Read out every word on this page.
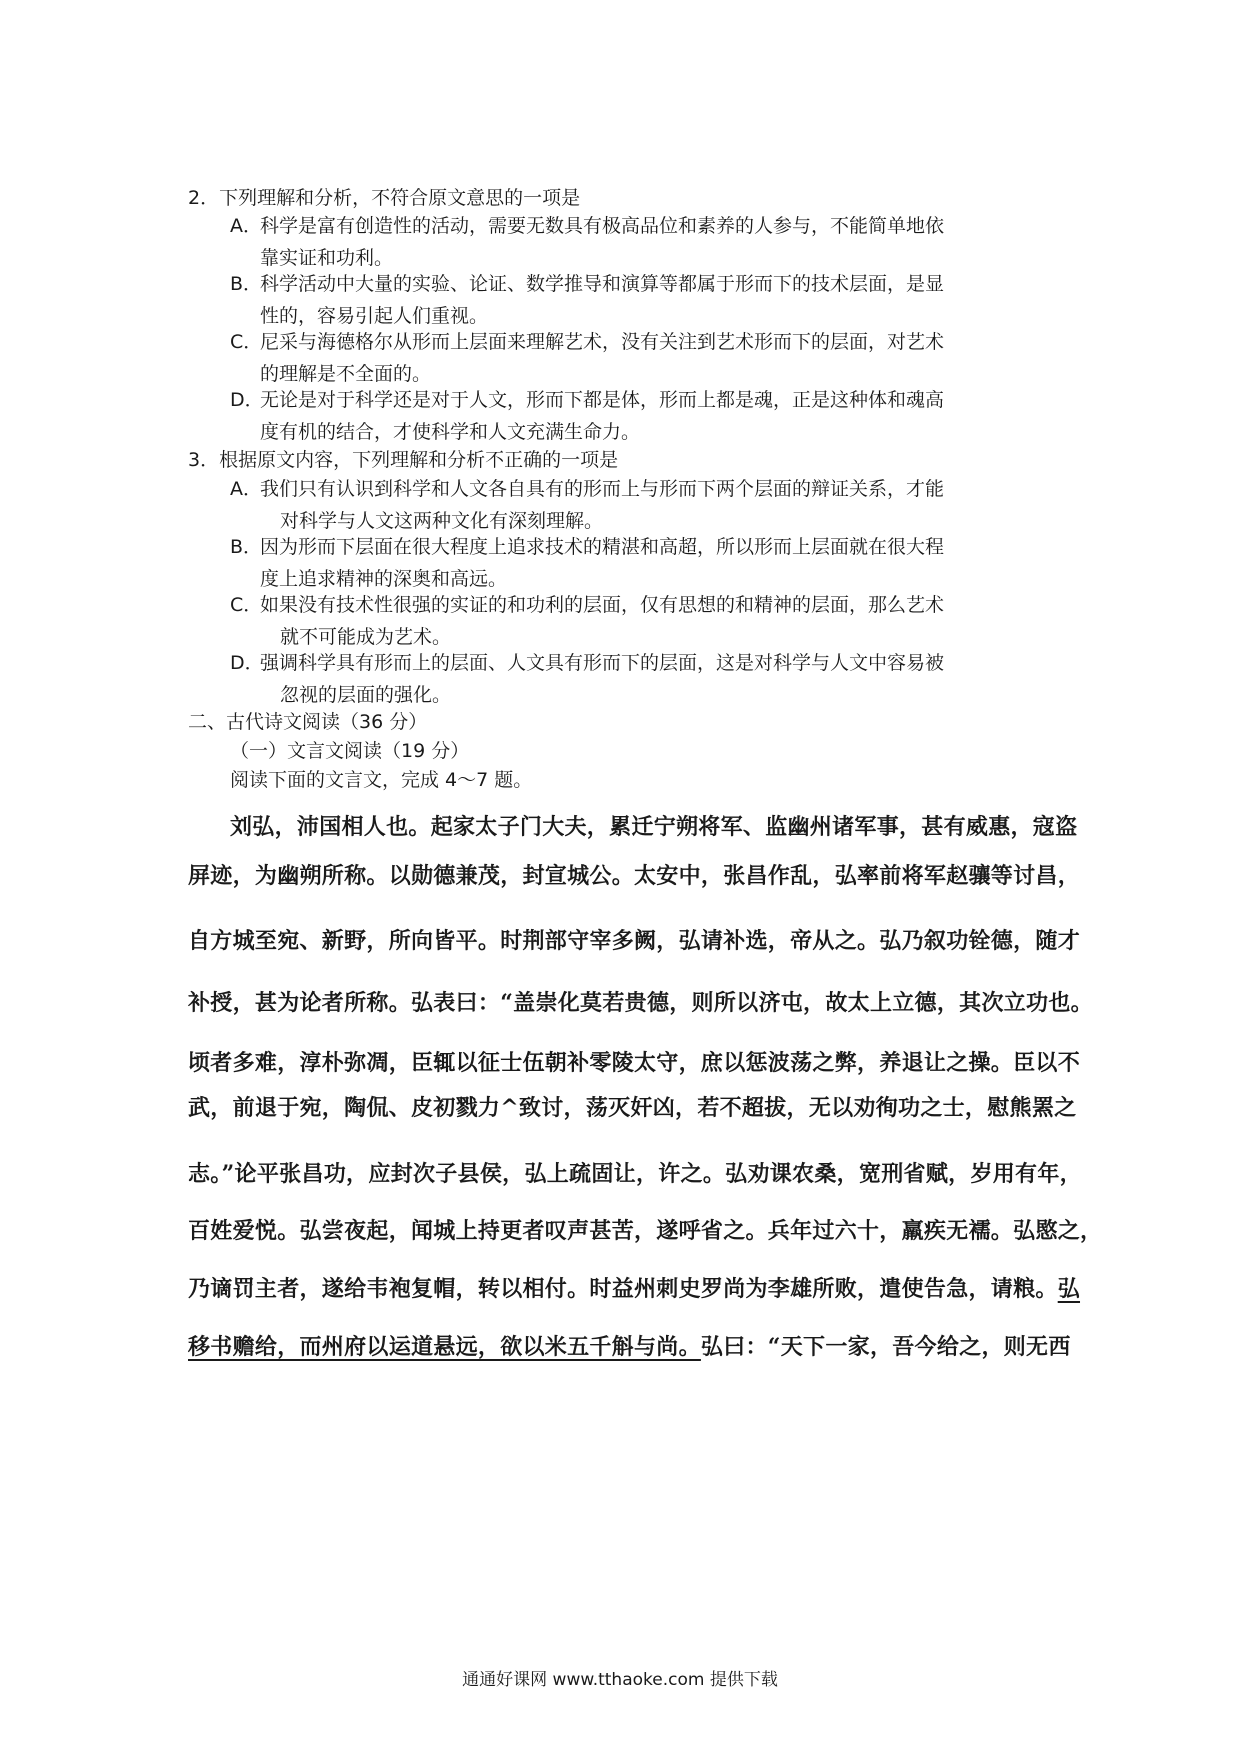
2．下列理解和分析，不符合原文意思的一项是
A．科学是富有创造性的活动，需要无数具有极高品位和素养的人参与，不能简单地依
靠实证和功利。
B．科学活动中大量的实验、论证、数学推导和演算等都属于形而下的技术层面，是显
性的，容易引起人们重视。
C．尼采与海德格尔从形而上层面来理解艺术，没有关注到艺术形而下的层面，对艺术
的理解是不全面的。
D．无论是对于科学还是对于人文，形而下都是体，形而上都是魂，正是这种体和魂高
度有机的结合，才使科学和人文充满生命力。
3．根据原文内容，下列理解和分析不正确的一项是
A．我们只有认识到科学和人文各自具有的形而上与形而下两个层面的辩证关系，才能
对科学与人文这两种文化有深刻理解。
B．因为形而下层面在很大程度上追求技术的精湛和高超，所以形而上层面就在很大程
度上追求精神的深奥和高远。
C．如果没有技术性很强的实证的和功利的层面，仅有思想的和精神的层面，那么艺术
就不可能成为艺术。
D．强调科学具有形而上的层面、人文具有形而下的层面，这是对科学与人文中容易被
忽视的层面的强化。
二、古代诗文阅读（36 分）
（一）文言文阅读（19 分）
阅读下面的文言文，完成 4～7 题。
刘弘，沛国相人也。起家太子门大夫，累迁宁朔将军、监幽州诸军事，甚有威惠，寇盗
屏迹，为幽朔所称。以勋德兼茂，封宣城公。太安中，张昌作乱，弘率前将军赵骧等讨昌，
自方城至宛、新野，所向皆平。时荆部守宰多阙，弘请补选，帝从之。弘乃叙功铨德，随才
补授，甚为论者所称。弘表曰：“盖崇化莫若贵德，则所以济屯，故太上立德，其次立功也。
顷者多难，淳朴弥凋，臣辄以征士伍朝补零陵太守，庶以惩波荡之弊，养退让之操。臣以不
武，前退于宛，陶侃、皮初戮力^致讨，荡灭奸凶，若不超拔，无以劝徇功之士，慰熊罴之
志。”论平张昌功，应封次子县侯，弘上疏固让，许之。弘劝课农桑，宽刑省赋，岁用有年，
百姓爱悦。弘尝夜起，闻城上持更者叹声甚苦，遂呼省之。兵年过六十，羸疾无襦。弘愍之，
乃谪罚主者，遂给韦袍复帽，转以相付。时益州刺史罗尚为李雄所败，遣使告急，请粮。弘
移书赡给，而州府以运道悬远，欲以米五千斛与尚。弘曰：“天下一家，吾今给之，则无西
通通好课网 www.tthaoke.com 提供下载
